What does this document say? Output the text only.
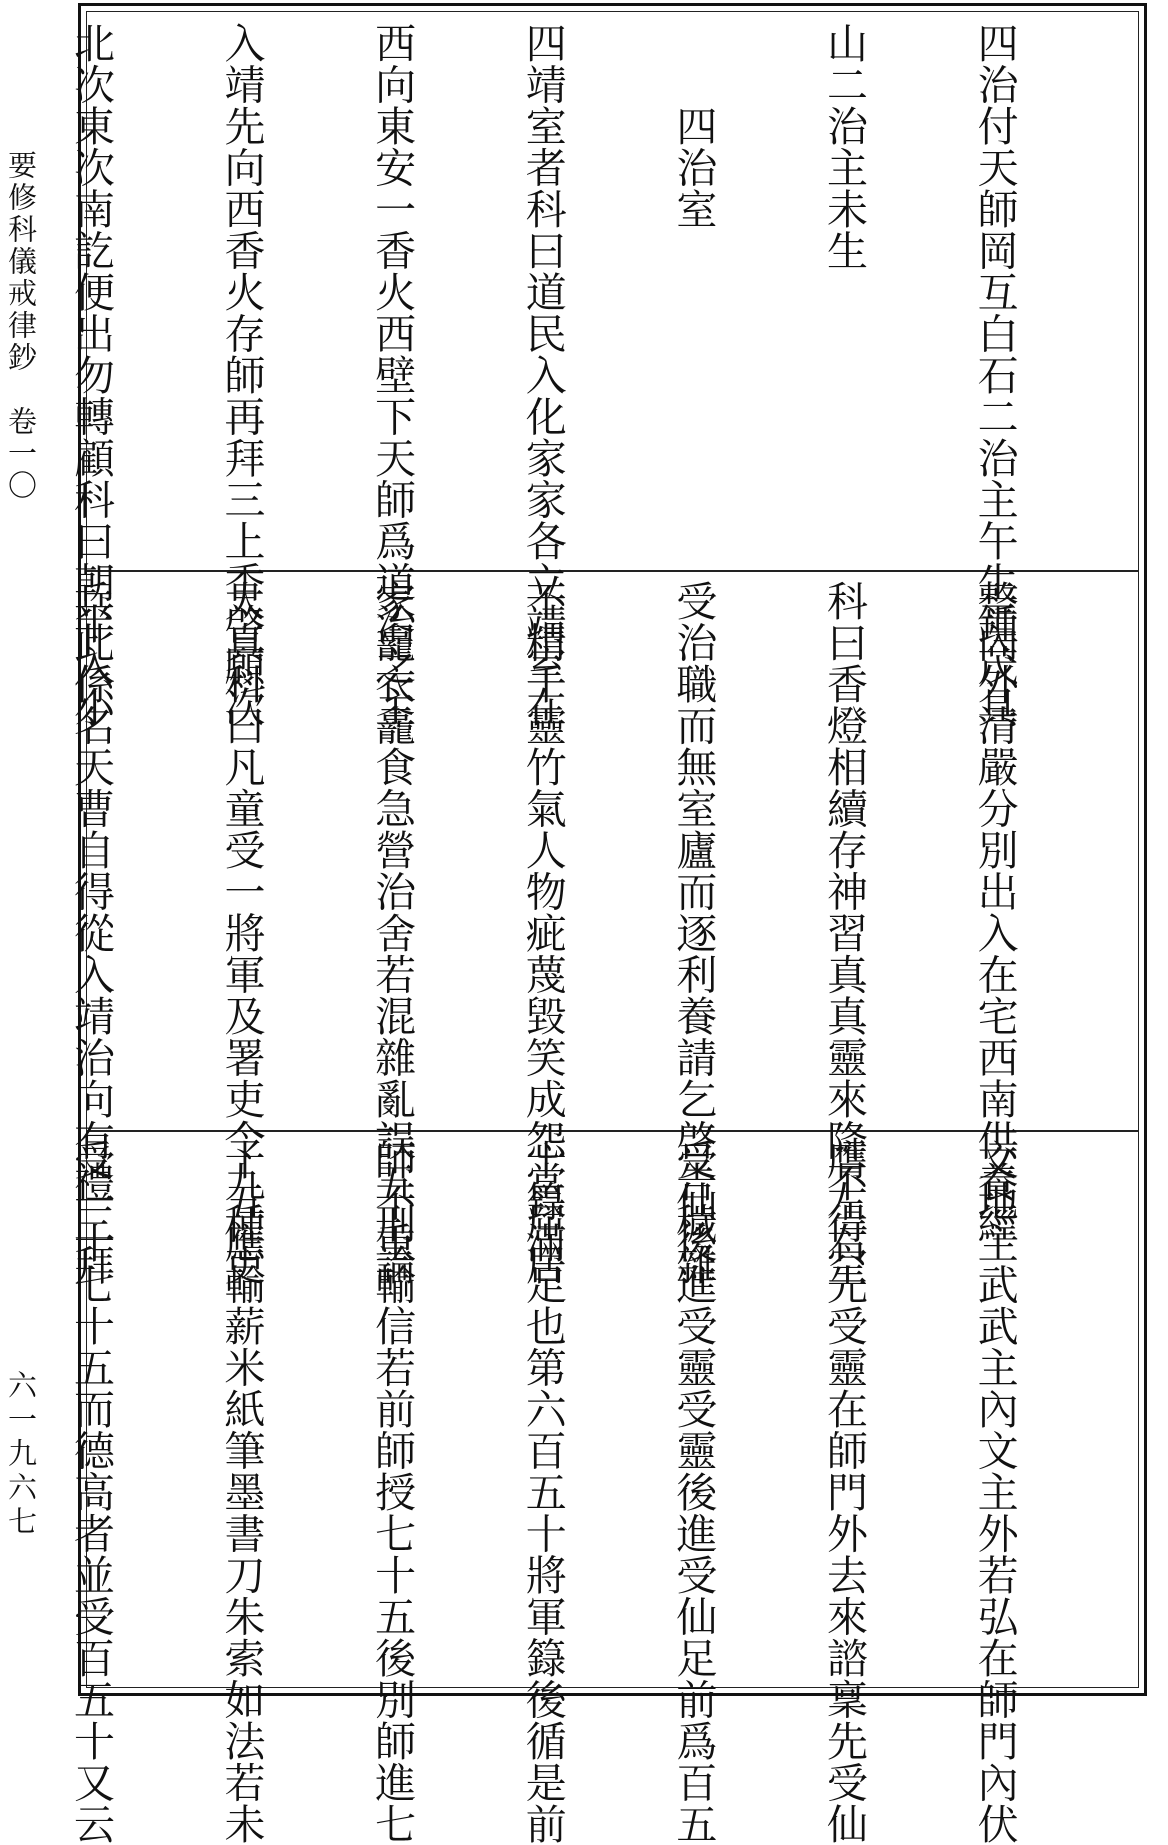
要修科儀戒律鈔　卷一〇
六一九六七

四治付天師岡互白石二治主午生鍾茂具

山二治主未生

　　四治室

四靖室者科曰道民入化家家各立靖室在

西向東安一香火西壁下天師爲道治之主

入靖先向西香火存師再拜三上香啓願次

北次東次南訖便出勿轉顧科曰朝半入小

整內外清嚴分別出入在宅西南供養經

科曰香燈相續存神習真真靈來降不得空

受治職而無室廬而逐利養請乞啓告穢雜

不精千靈竹氣人物疵蔑毀笑成怨當屈居

家龕衣龕食急營治舍若混雜亂誤五刑論

太真科曰凡童受一將軍及署吏令九種吏

兵此係名天曹自得從入靖治向有禮三拜

文地主武武主內文主外若弘在師門內伏

膺左右先受靈在師門外去來諮稟先受仙

受仙後進受靈受靈後進受仙足前爲百五

十籙滿足也第六百五十將軍籙後循是前

師不重輸信若前師授七十五後別師進七

十五應輸薪米紙筆墨書刀朱索如法若未

受一十七十五而德高者並受百五十又云
